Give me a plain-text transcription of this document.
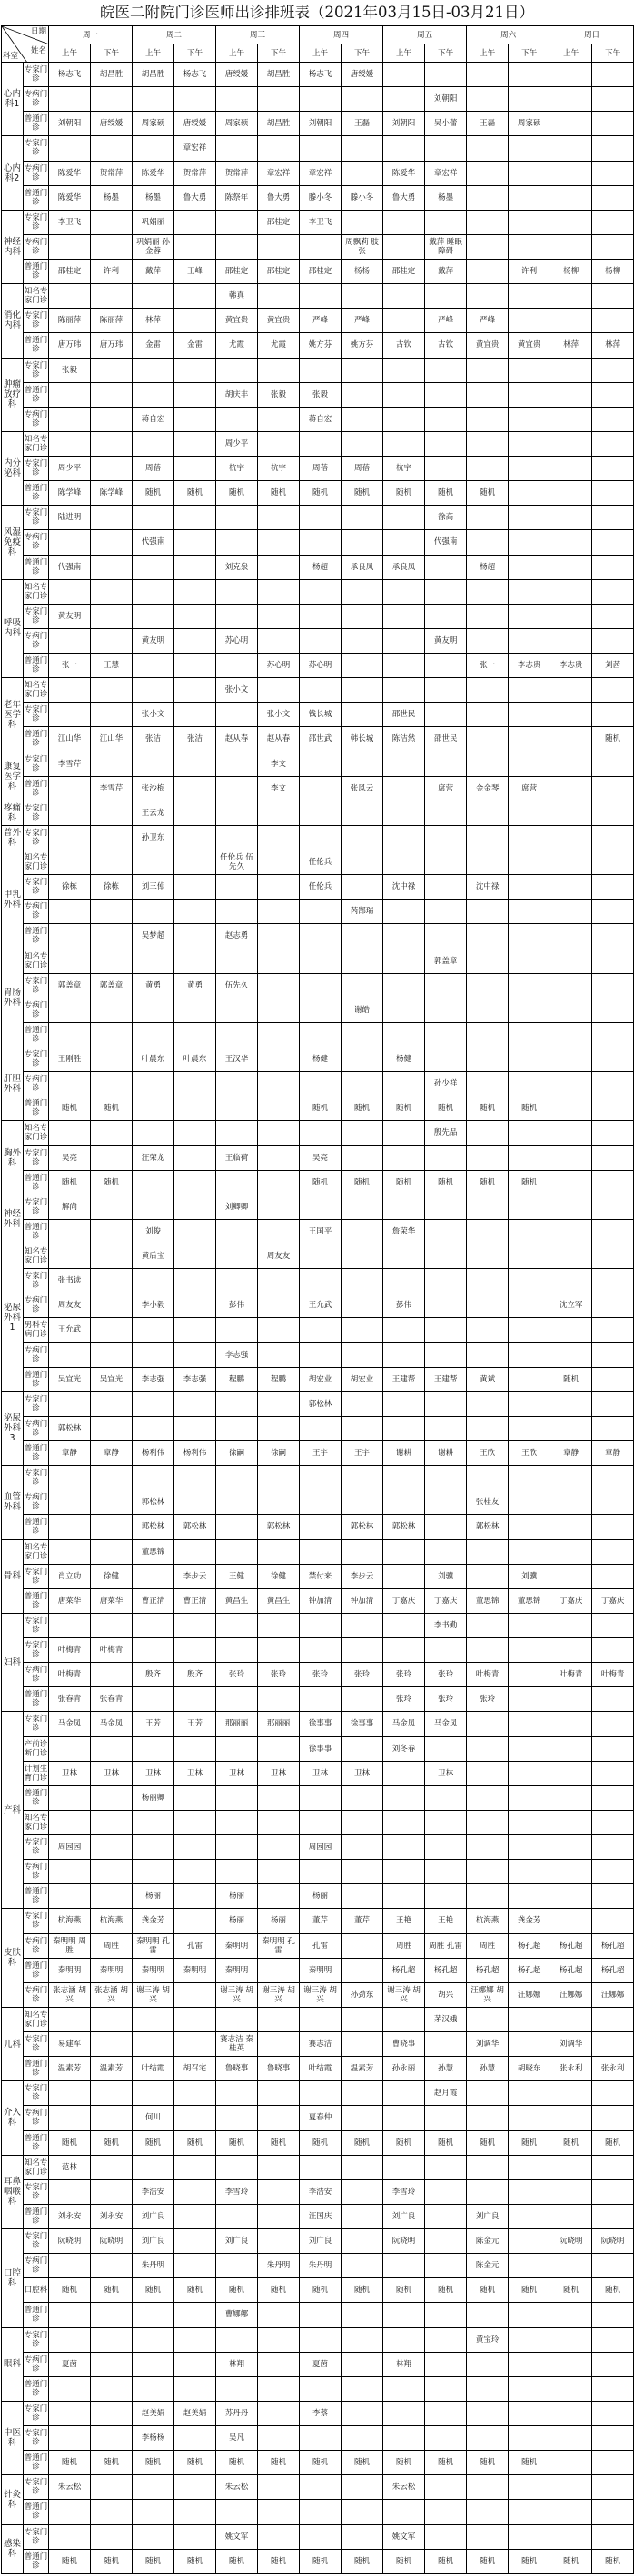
皖医二附院门诊医师出诊排班表（2021年03月15日-03月21日）
日期
姓名
科室		周一		周二		周三		周四		周五		周六		周日	
		上午	下午	上午	下午	上午	下午	上午	下午	上午	下午	上午	下午	上午	下午
心内科1	专家门诊	杨志飞	胡昌胜	胡昌胜	杨志飞	唐绶媛	胡昌胜	杨志飞	唐绶媛						
	专病门诊										刘朝阳				
	普通门诊	刘朝阳	唐绶媛	周家硕	唐绶媛	周家硕	胡昌胜	刘朝阳	王磊	刘朝阳	吴小蕾	王磊	周家硕		
心内科2	专家门诊				章宏祥										
	专病门诊	陈爱华	贺常萍	陈爱华	贺常萍	贺常萍	章宏祥	章宏祥		陈爱华	章宏祥				
	普通门诊	陈爱华	杨墨	杨墨	鲁大勇	陈祭年	鲁大勇	滕小冬	滕小冬	鲁大勇	杨墨				
神经内科	专家门诊	李卫飞		巩娟丽			邵桂定	李卫飞							
	专病门诊			巩娟丽 孙金蓉					周飘莉 肢张		戴萍 睡眠障碍				
	普通门诊	邵桂定	许利	戴萍	王峰	邵桂定	邵桂定	邵桂定	杨杨	邵桂定	戴萍		许利	杨柳	杨柳
消化内科	知名专家门诊					韩真									
	专家门诊	陈丽萍	陈丽萍	林萍		黄宜贵	黄宜贵	严峰	严峰		严峰	严峰			
	普通门诊	唐万玮	唐万玮	金雷	金雷	尤霞	尤霞	姚方芬	姚方芬	古钦	古钦	黄宜贵	黄宜贵	林萍	林萍
肿瘤放疗科	专家门诊	张毅													
	普通门诊					胡庆丰	张毅	张毅							
	专病门诊			蒋自宏				蒋自宏							
内分泌科	知名专家门诊					周少平									
	专家门诊	周少平		周蓓		杭宇	杭宇	周蓓	周蓓	杭宇					
	普通门诊	陈学峰	陈学峰	随机	随机	随机	随机	随机	随机	随机	随机	随机			
风湿免疫科	专家门诊	陆进明									徐高				
	专病门诊			代强南							代强南				
	普通门诊	代强南				刘克泉		杨超	承良凤	承良凤		杨超			
呼吸内科	知名专家门诊														
	专家门诊	黄友明													
	专病门诊			黄友明		苏心明					黄友明				
	普通门诊	张一	王慧				苏心明	苏心明				张一	李志贵	李志贵	刘茜
老年医学科	知名专家门诊					张小文									
	专家门诊			张小文			张小文	钱长城		邵世民					
	普通门诊	江山华	江山华	张洁	张洁	赵从春	赵从春	邵世武	韩长城	陈洁然	邵世民				随机
康复医学科	专家门诊	李雪芹					李文								
	普通门诊		李雪芹	张沙梅			李文		张风云		席营	金金琴	席营		
疼痛科	专家门诊			王云龙											
普外科	专家门诊			孙卫东											
甲乳外科	知名专家门诊					任伦兵 伍先久		任伦兵							
	专家门诊	徐栋	徐栋	刘三倬				任伦兵		沈中禄		沈中禄			
	专病门诊								芮郜瑞						
	普通门诊			吴梦超		赵志勇									
胃肠外科	知名专家门诊										郭盖章				
	专家门诊	郭盖章	郭盖章	黄勇	黄勇	伍先久									
	专病门诊								谢皓						
	普通门诊														
肝胆外科	专家门诊	王刚胜		叶晨东	叶晨东	王汉华		杨健		杨健					
	专病门诊										孙少祥				
	普通门诊	随机	随机					随机	随机	随机	随机	随机	随机		
胸外科	知名专家门诊										殷先品				
	专家门诊	吴亮		汪荣龙		王临荷		吴亮							
	普通门诊	随机	随机					随机	随机	随机	随机	随机	随机		
神经外科	专家门诊	解尚				刘卿卿									
	普通门诊			刘俊				王国平		詹荣华					
泌尿外科1	知名专家门诊			黄后宝			周友友								
	专家门诊	张书读													
	专病门诊	周友友		李小毅		彭伟		王允武		彭伟				沈立军	
	男科专病门诊	王允武													
	专病门诊					李志强									
	普通门诊	吴宜光	吴宜光	李志强	李志强	程鹏	程鹏	胡宏业	胡宏业	王建帮	王建帮	黄斌		随机	
泌尿外科3	专家门诊							郭松林							
	专病门诊	郭松林													
	普通门诊	章静	章静	杨利伟	杨利伟	徐嗣	徐嗣	王宇	王宇	谢耕	谢耕	王欣	王欣	章静	章静
血管外科	专家门诊														
	专病门诊			郭松林								张桂友			
	普通门诊			郭松林	郭松林		郭松林		郭松林	郭松林		郭松林			
骨科	知名专家门诊			董思锦											
	专家门诊	肖立功	徐健		李步云	王健	徐健	禁付来	李步云		刘骥		刘骥		
	普通门诊	唐菜华	唐菜华	曹正清	曹正清	黄昌生	黄昌生	钟加清	钟加清	丁嘉庆	丁嘉庆	董思锦	董思锦	丁嘉庆	丁嘉庆
妇科	专家门诊										李书勤				
	专家门诊	叶梅青	叶梅青												
	专病门诊	叶梅青		殷齐	殷齐	张玲	张玲	张玲	张玲	张玲	张玲	叶梅青		叶梅青	叶梅青
	普通门诊	张春青	张春青							张玲	张玲	张玲			
产科	专家门诊	马金凤	马金凤	王芳	王芳	那丽丽	那丽丽	徐事事	徐事事	马金凤	马金凤				
	产前诊断门诊							徐事事		刘冬春					
	计划生育门诊	卫林	卫林	卫林	卫林	卫林	卫林	卫林	卫林		卫林				
	普通门诊			杨丽卿											
	知名专家门诊														
	专家门诊	周园园						周园园							
	专病门诊														
	普通门诊			杨丽		杨丽		杨丽							
皮肤科	专家门诊	杭海燕	杭海燕	龚金芳		杨丽	杨丽	董芹	董芹	王艳	王艳	杭海燕	龚金芳		
	专病门诊	秦明明 周胜	周胜	秦明明 孔雷	孔雷	秦明明	秦明明 孔雷	孔雷		周胜	周胜 孔雷	周胜	杨孔超	杨孔超	杨孔超
	普通门诊	秦明明	秦明明	秦明明	秦明明	秦明明		秦明明		杨孔超	杨孔超	杨孔超	杨孔超	杨孔超	杨孔超
	专病门诊	张志涵 胡兴	张志涵 胡兴	谢三涛 胡兴		谢三涛 胡兴	谢三涛 胡兴	谢三涛 胡兴	孙劲东	谢三涛 胡兴	胡兴	汪娜娜 胡兴	汪娜娜	汪娜娜	汪娜娜
儿科	知名专家门诊										茅汉娥				
	专家门诊	易建军				赛志洁 秦桂英		赛志洁		曹晓事		刘调华		刘调华	
	普通门诊	温素芳	温素芳	叶结霞	胡召宅	鲁晓事	鲁晓事	叶结霞	温素芳	孙永丽	孙慧	孙慧	胡晓东	张永利	张永利
介入科	专家门诊										赵月霞				
	专病门诊			何川				夏春仲							
	普通门诊	随机	随机	随机	随机	随机	随机	随机	随机	随机	随机	随机	随机	随机	随机
耳鼻咽喉科	知名专家门诊	范林													
	专家门诊			李浩安		李雪玲		李浩安		李雪玲					
	普通门诊	刘永安	刘永安	刘广良				汪国庆		刘广良		刘广良			
口腔科	专家门诊	阮晓明	阮晓明	刘广良		刘广良		刘广良		阮晓明		陈金元		阮晓明	阮晓明
	专病门诊			朱丹明			朱丹明	朱丹明				陈金元			
	口腔科	随机	随机	随机	随机	随机	随机	随机	随机	随机	随机	随机	随机	随机	随机
	普通门诊					曹娜娜									
眼科	专家门诊											黄宝玲			
	专病门诊	夏茵				林翔		夏茵		林翔					
	普通门诊														
中医科	专家门诊			赵美娟	赵美娟	苏丹丹		李蔡							
	专家门诊			李杨杨		吴凡									
	普通门诊	随机	随机	随机	随机	随机	随机	随机	随机	随机	随机	随机	随机		
针灸科	专家门诊	朱云松				朱云松				朱云松					
	普通门诊														
感染科	专家门诊					姚文军				姚文军					
	普通门诊	随机	随机	随机	随机	随机	随机	随机	随机	随机	随机	随机	随机	随机	随机
